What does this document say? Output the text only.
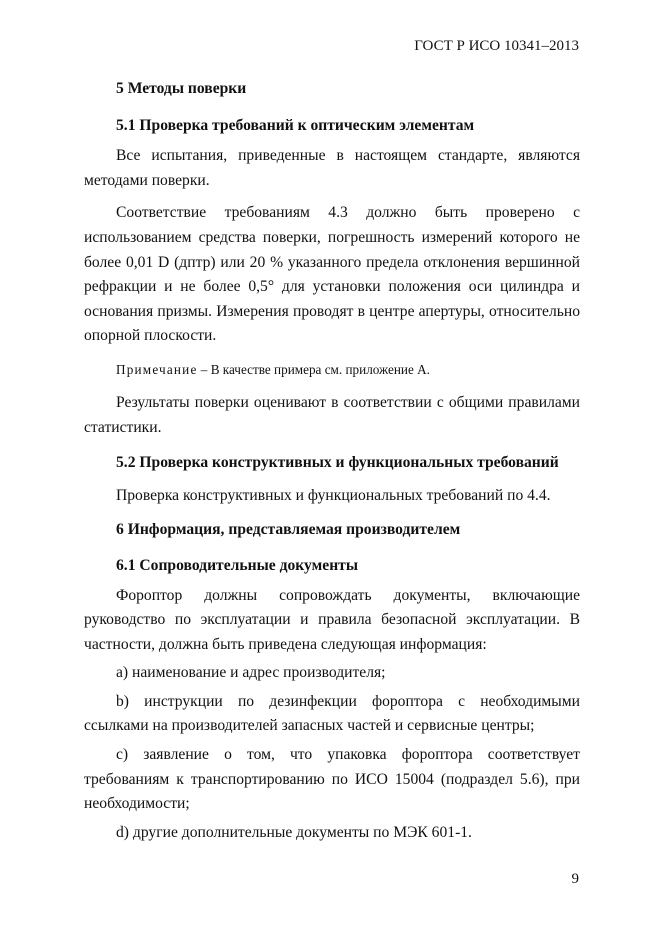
ГОСТ Р ИСО 10341–2013

5 Методы поверки

5.1 Проверка требований к оптическим элементам

Все испытания, приведенные в настоящем стандарте, являются методами поверки.

Соответствие требованиям 4.3 должно быть проверено с использованием средства поверки, погрешность измерений которого не более 0,01 D (дптр) или 20 % указанного предела отклонения вершинной рефракции и не более 0,5° для установки положения оси цилиндра и основания призмы. Измерения проводят в центре апертуры, относительно опорной плоскости.

Примечание – В качестве примера см. приложение А.

Результаты поверки оценивают в соответствии с общими правилами статистики.

5.2 Проверка конструктивных и функциональных требований

Проверка конструктивных и функциональных требований по 4.4.

6 Информация, представляемая производителем

6.1 Сопроводительные документы

Фороптор должны сопровождать документы, включающие руководство по эксплуатации и правила безопасной эксплуатации. В частности, должна быть приведена следующая информация:

a) наименование и адрес производителя;

b) инструкции по дезинфекции фороптора с необходимыми ссылками на производителей запасных частей и сервисные центры;

c) заявление о том, что упаковка фороптора соответствует требованиям к транспортированию по ИСО 15004 (подраздел 5.6), при необходимости;

d) другие дополнительные документы по МЭК 601-1.

9
